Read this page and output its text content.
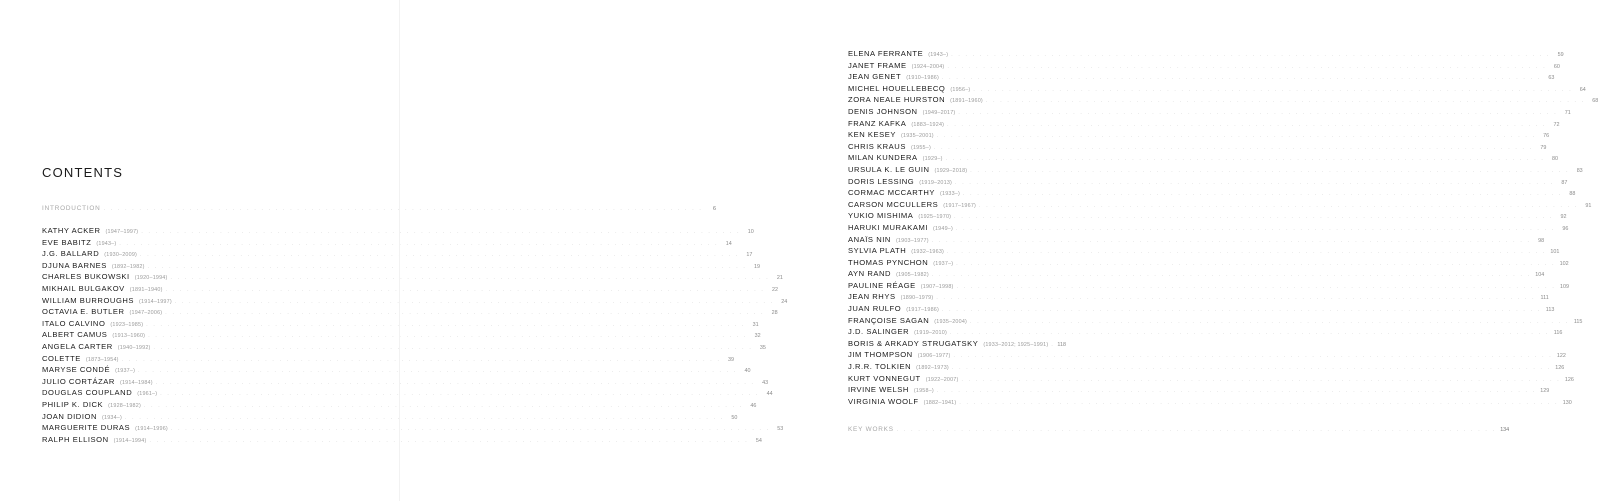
CONTENTS
INTRODUCTION . . .	6
KATHY ACKER (1947–1997) . . .	10
EVE BABITZ (1943–) . . .	14
J.G. BALLARD (1930–2009) . . .	17
DJUNA BARNES (1892–1982) . . .	19
CHARLES BUKOWSKI (1920–1994) . . .	21
MIKHAIL BULGAKOV (1891–1940) . . .	22
WILLIAM BURROUGHS (1914–1997) . . .	24
OCTAVIA E. BUTLER (1947–2006) . . .	28
ITALO CALVINO (1923–1985) . . .	31
ALBERT CAMUS (1913–1960) . . .	32
ANGELA CARTER (1940–1992) . . .	35
COLETTE (1873–1954) . . .	39
MARYSE CONDÉ (1937–) . . .	40
JULIO CORTÁZAR (1914–1984) . . .	43
DOUGLAS COUPLAND (1961–) . . .	44
PHILIP K. DICK (1928–1982) . . .	46
JOAN DIDION (1934–) . . .	50
MARGUERITE DURAS (1914–1996) . . .	53
RALPH ELLISON (1914–1994) . . .	54
ELENA FERRANTE (1943–) . . .	59
JANET FRAME (1924–2004) . . .	60
JEAN GENET (1910–1986) . . .	63
MICHEL HOUELLEBECQ (1956–) . . .	64
ZORA NEALE HURSTON (1891–1960) . . .	68
DENIS JOHNSON (1949–2017) . . .	71
FRANZ KAFKA (1883–1924) . . .	72
KEN KESEY (1935–2001) . . .	76
CHRIS KRAUS (1955–) . . .	79
MILAN KUNDERA (1929–) . . .	80
URSULA K. LE GUIN (1929–2018) . . .	83
DORIS LESSING (1919–2013) . . .	87
CORMAC MCCARTHY (1933–) . . .	88
CARSON MCCULLERS (1917–1967) . . .	91
YUKIO MISHIMA (1925–1970) . . .	92
HARUKI MURAKAMI (1949–) . . .	96
ANAÏS NIN (1903–1977) . . .	98
SYLVIA PLATH (1932–1963) . . .	101
THOMAS PYNCHON (1937–) . . .	102
AYN RAND (1905–1982) . . .	104
PAULINE RÉAGE (1907–1998) . . .	109
JEAN RHYS (1890–1979) . . .	111
JUAN RULFO (1917–1986) . . .	113
FRANÇOISE SAGAN (1935–2004) . . .	115
J.D. SALINGER (1919–2010) . . .	116
BORIS & ARKADY STRUGATSKY (1933–2012; 1925–1991) . . . 118
JIM THOMPSON (1906–1977) . . .	122
J.R.R. TOLKIEN (1892–1973) . . .	126
KURT VONNEGUT (1922–2007) . . .	126
IRVINE WELSH (1958–) . . .	129
VIRGINIA WOOLF (1882–1941) . . .	130
KEY WORKS . . .	134
